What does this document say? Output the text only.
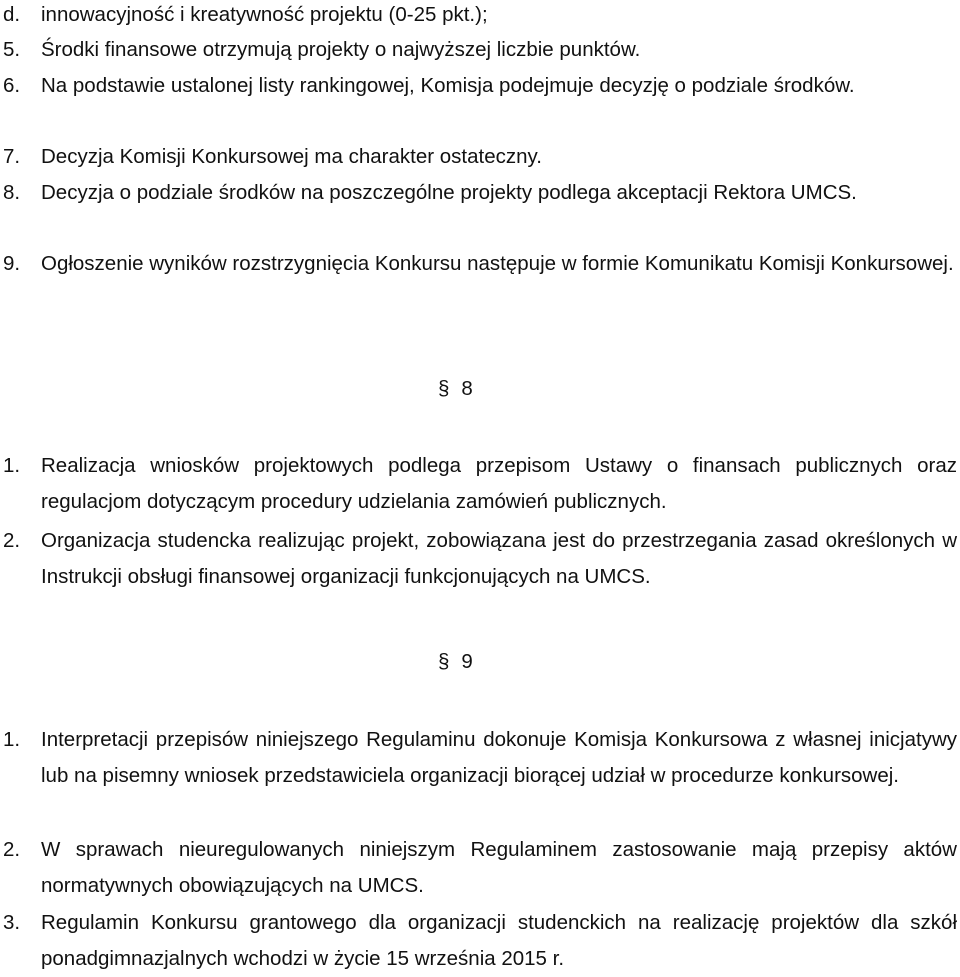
d.	innowacyjność i kreatywność projektu (0-25 pkt.);
5.	Środki finansowe otrzymują projekty o najwyższej liczbie punktów.
6.	Na podstawie ustalonej listy rankingowej, Komisja podejmuje decyzję o podziale środków.
7.	Decyzja Komisji Konkursowej ma charakter ostateczny.
8.	Decyzja o podziale środków na poszczególne projekty podlega akceptacji Rektora UMCS.
9.	Ogłoszenie wyników rozstrzygnięcia Konkursu następuje w formie Komunikatu Komisji Konkursowej.
§ 8
1.	Realizacja wniosków projektowych podlega przepisom Ustawy o finansach publicznych oraz regulacjom dotyczącym procedury udzielania zamówień publicznych.
2.	Organizacja studencka realizując projekt, zobowiązana jest do przestrzegania zasad określonych w Instrukcji obsługi finansowej organizacji funkcjonujących na UMCS.
§ 9
1.	Interpretacji przepisów niniejszego Regulaminu dokonuje Komisja Konkursowa z własnej inicjatywy lub na pisemny wniosek przedstawiciela organizacji biorącej udział w procedurze konkursowej.
2.	W sprawach nieuregulowanych niniejszym Regulaminem zastosowanie mają przepisy aktów normatywnych obowiązujących na UMCS.
3.	Regulamin Konkursu grantowego dla organizacji studenckich na realizację projektów dla szkół ponadgimnazjalnych wchodzi w życie 15 września 2015 r.
